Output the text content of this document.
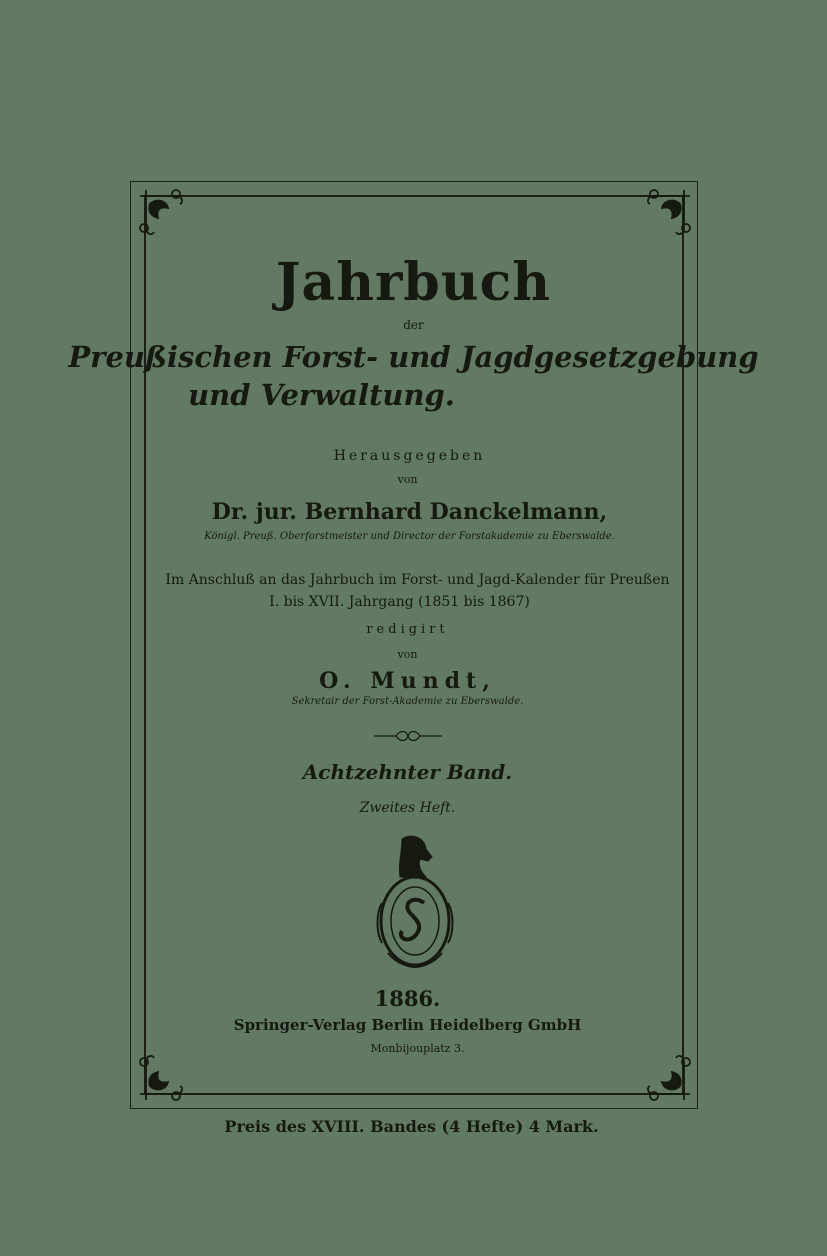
Jahrbuch
der
Preußischen Forst- und Jagdgesetzgebung
und Verwaltung.
Herausgegeben
von
Dr. jur. Bernhard Danckelmann,
Königl. Preuß. Oberforstmeister und Director der Forstakademie zu Eberswalde.
Im Anschluß an das Jahrbuch im Forst- und Jagd-Kalender für Preußen
I. bis XVII. Jahrgang (1851 bis 1867)
redigirt
von
O. Mundt,
Sekretair der Forst-Akademie zu Eberswalde.
Achtzehnter Band.
Zweites Heft.
1886.
Springer-Verlag Berlin Heidelberg GmbH
Monbijouplatz 3.
Preis des XVIII. Bandes (4 Hefte) 4 Mark.
